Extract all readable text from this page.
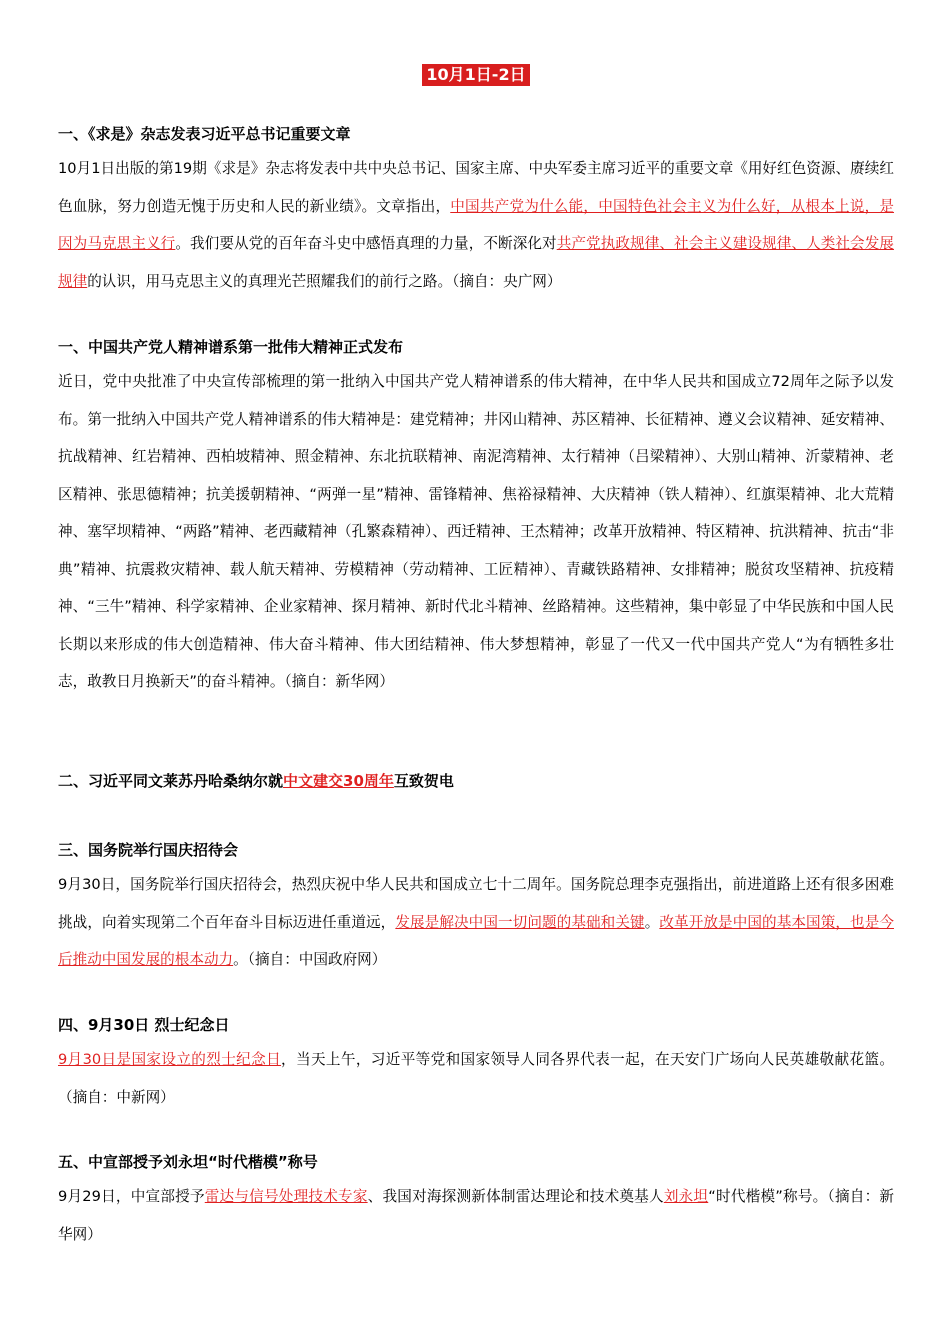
10月1日-2日

一、《求是》杂志发表习近平总书记重要文章

10月1日出版的第19期《求是》杂志将发表中共中央总书记、国家主席、中央军委主席习近平的重要文章《用好红色资源、赓续红色血脉，努力创造无愧于历史和人民的新业绩》。文章指出，中国共产党为什么能，中国特色社会主义为什么好，从根本上说，是因为马克思主义行。我们要从党的百年奋斗史中感悟真理的力量，不断深化对共产党执政规律、社会主义建设规律、人类社会发展规律的认识，用马克思主义的真理光芒照耀我们的前行之路。（摘自：央广网）

一、中国共产党人精神谱系第一批伟大精神正式发布

近日，党中央批准了中央宣传部梳理的第一批纳入中国共产党人精神谱系的伟大精神，在中华人民共和国成立72周年之际予以发布。第一批纳入中国共产党人精神谱系的伟大精神是：建党精神；井冈山精神、苏区精神、长征精神、遵义会议精神、延安精神、抗战精神、红岩精神、西柏坡精神、照金精神、东北抗联精神、南泥湾精神、太行精神（吕梁精神）、大别山精神、沂蒙精神、老区精神、张思德精神；抗美援朝精神、“两弹一星”精神、雷锋精神、焦裕禄精神、大庆精神（铁人精神）、红旗渠精神、北大荒精神、塞罕坝精神、“两路”精神、老西藏精神（孔繁森精神）、西迁精神、王杰精神；改革开放精神、特区精神、抗洪精神、抗击“非典”精神、抗震救灾精神、载人航天精神、劳模精神（劳动精神、工匠精神）、青藏铁路精神、女排精神；脱贫攻坚精神、抗疫精神、“三牛”精神、科学家精神、企业家精神、探月精神、新时代北斗精神、丝路精神。这些精神，集中彰显了中华民族和中国人民长期以来形成的伟大创造精神、伟大奋斗精神、伟大团结精神、伟大梦想精神，彰显了一代又一代中国共产党人“为有牺牲多壮志，敢教日月换新天”的奋斗精神。（摘自：新华网）

二、习近平同文莱苏丹哈桑纳尔就中文建交30周年互致贺电

三、国务院举行国庆招待会

9月30日，国务院举行国庆招待会，热烈庆祝中华人民共和国成立七十二周年。国务院总理李克强指出，前进道路上还有很多困难挑战，向着实现第二个百年奋斗目标迈进任重道远，发展是解决中国一切问题的基础和关键。改革开放是中国的基本国策，也是今后推动中国发展的根本动力。（摘自：中国政府网）

四、9月30日 烈士纪念日

9月30日是国家设立的烈士纪念日，当天上午，习近平等党和国家领导人同各界代表一起，在天安门广场向人民英雄敬献花篮。（摘自：中新网）

五、中宣部授予刘永坦“时代楷模”称号

9月29日，中宣部授予雷达与信号处理技术专家、我国对海探测新体制雷达理论和技术奠基人刘永坦“时代楷模”称号。（摘自：新华网）
